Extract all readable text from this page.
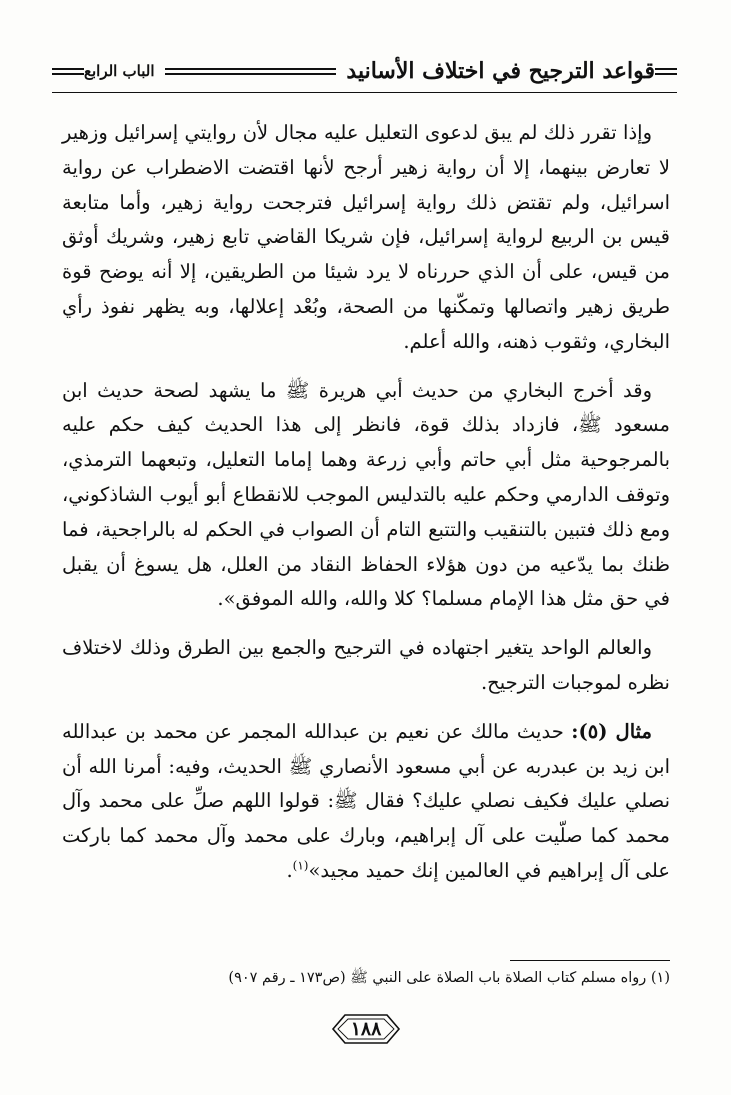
قواعد الترجيح في اختلاف الأسانيد
الباب الرابع

وإذا تقرر ذلك لم يبق لدعوى التعليل عليه مجال لأن روايتي إسرائيل وزهير لا تعارض بينهما، إلا أن رواية زهير أرجح لأنها اقتضت الاضطراب عن رواية اسرائيل، ولم تقتض ذلك رواية إسرائيل فترجحت رواية زهير، وأما متابعة قيس بن الربيع لرواية إسرائيل، فإن شريكا القاضي تابع زهير، وشريك أوثق من قيس، على أن الذي حررناه لا يرد شيئا من الطريقين، إلا أنه يوضح قوة طريق زهير واتصالها وتمكّنها من الصحة، وبُعْد إعلالها، وبه يظهر نفوذ رأي البخاري، وثقوب ذهنه، والله أعلم.

وقد أخرج البخاري من حديث أبي هريرة ﷺ ما يشهد لصحة حديث ابن مسعود ﷺ، فازداد بذلك قوة، فانظر إلى هذا الحديث كيف حكم عليه بالمرجوحية مثل أبي حاتم وأبي زرعة وهما إماما التعليل، وتبعهما الترمذي، وتوقف الدارمي وحكم عليه بالتدليس الموجب للانقطاع أبو أيوب الشاذكوني، ومع ذلك فتبين بالتنقيب والتتبع التام أن الصواب في الحكم له بالراجحية، فما ظنك بما يدّعيه من دون هؤلاء الحفاظ النقاد من العلل، هل يسوغ أن يقبل في حق مثل هذا الإمام مسلما؟ كلا والله، والله الموفق».

والعالم الواحد يتغير اجتهاده في الترجيح والجمع بين الطرق وذلك لاختلاف نظره لموجبات الترجيح.

مثال (٥): حديث مالك عن نعيم بن عبدالله المجمر عن محمد بن عبدالله ابن زيد بن عبدربه عن أبي مسعود الأنصاري ﷺ الحديث، وفيه: أمرنا الله أن نصلي عليك فكيف نصلي عليك؟ فقال ﷺ: قولوا اللهم صلِّ على محمد وآل محمد كما صلّيت على آل إبراهيم، وبارك على محمد وآل محمد كما باركت على آل إبراهيم في العالمين إنك حميد مجيد»$^{(١)}$.

(١) رواه مسلم كتاب الصلاة باب الصلاة على النبي ﷺ (ص١٧٣ ـ رقم ٩٠٧)
١٨٨
